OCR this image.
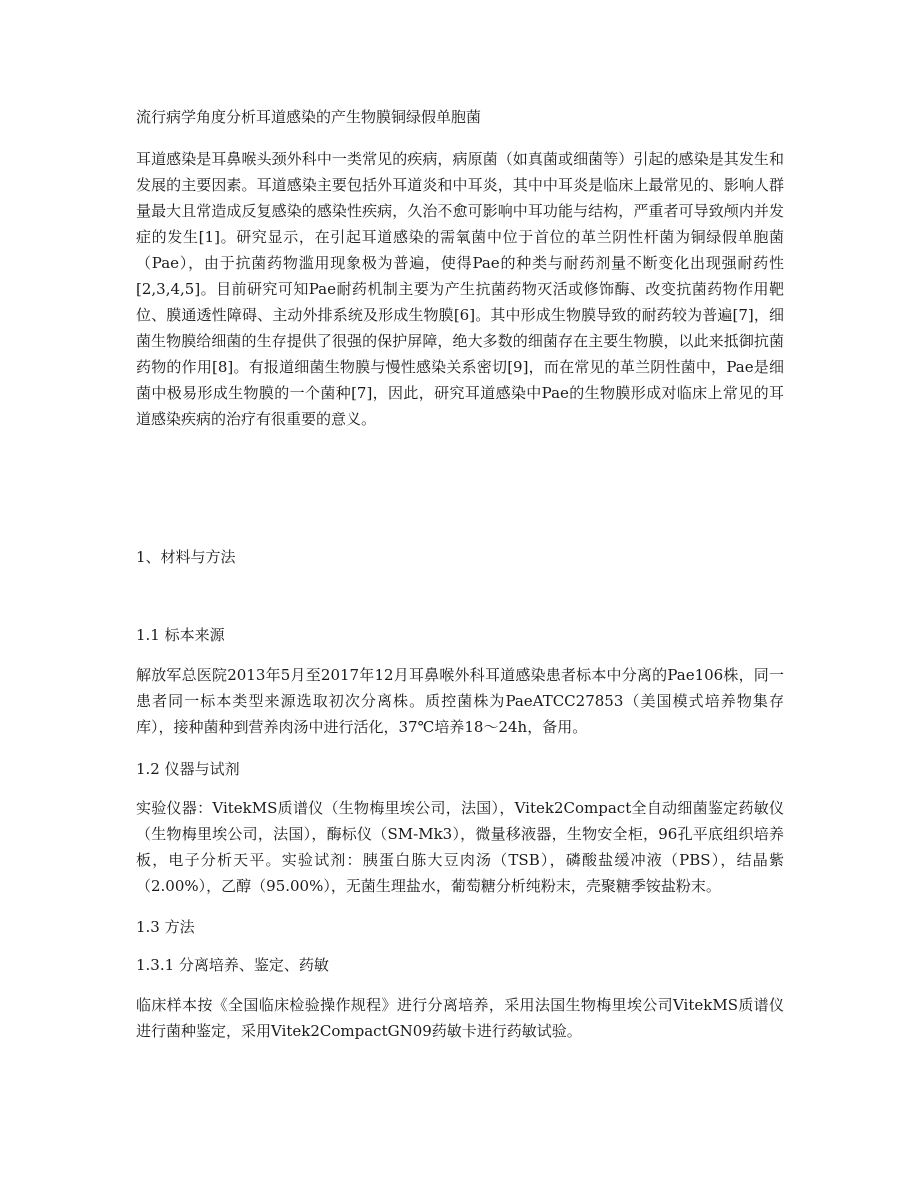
流行病学角度分析耳道感染的产生物膜铜绿假单胞菌

耳道感染是耳鼻喉头颈外科中一类常见的疾病，病原菌（如真菌或细菌等）引起的感染是其发生和发展的主要因素。耳道感染主要包括外耳道炎和中耳炎，其中中耳炎是临床上最常见的、影响人群量最大且常造成反复感染的感染性疾病，久治不愈可影响中耳功能与结构，严重者可导致颅内并发症的发生[1]。研究显示，在引起耳道感染的需氧菌中位于首位的革兰阴性杆菌为铜绿假单胞菌（Pae），由于抗菌药物滥用现象极为普遍，使得Pae的种类与耐药剂量不断变化出现强耐药性[2,3,4,5]。目前研究可知Pae耐药机制主要为产生抗菌药物灭活或修饰酶、改变抗菌药物作用靶位、膜通透性障碍、主动外排系统及形成生物膜[6]。其中形成生物膜导致的耐药较为普遍[7]，细菌生物膜给细菌的生存提供了很强的保护屏障，绝大多数的细菌存在主要生物膜，以此来抵御抗菌药物的作用[8]。有报道细菌生物膜与慢性感染关系密切[9]，而在常见的革兰阴性菌中，Pae是细菌中极易形成生物膜的一个菌种[7]，因此，研究耳道感染中Pae的生物膜形成对临床上常见的耳道感染疾病的治疗有很重要的意义。

1、材料与方法

1.1 标本来源

解放军总医院2013年5月至2017年12月耳鼻喉外科耳道感染患者标本中分离的Pae106株，同一患者同一标本类型来源选取初次分离株。质控菌株为PaeATCC27853（美国模式培养物集存库），接种菌种到营养肉汤中进行活化，37℃培养18～24h，备用。

1.2 仪器与试剂

实验仪器：VitekMS质谱仪（生物梅里埃公司，法国），Vitek2Compact全自动细菌鉴定药敏仪（生物梅里埃公司，法国），酶标仪（SM-Mk3），微量移液器，生物安全柜，96孔平底组织培养板，电子分析天平。实验试剂：胰蛋白胨大豆肉汤（TSB），磷酸盐缓冲液（PBS），结晶紫（2.00%），乙醇（95.00%），无菌生理盐水，葡萄糖分析纯粉末，壳聚糖季铵盐粉末。

1.3 方法

1.3.1 分离培养、鉴定、药敏

临床样本按《全国临床检验操作规程》进行分离培养，采用法国生物梅里埃公司VitekMS质谱仪进行菌种鉴定，采用Vitek2CompactGN09药敏卡进行药敏试验。
